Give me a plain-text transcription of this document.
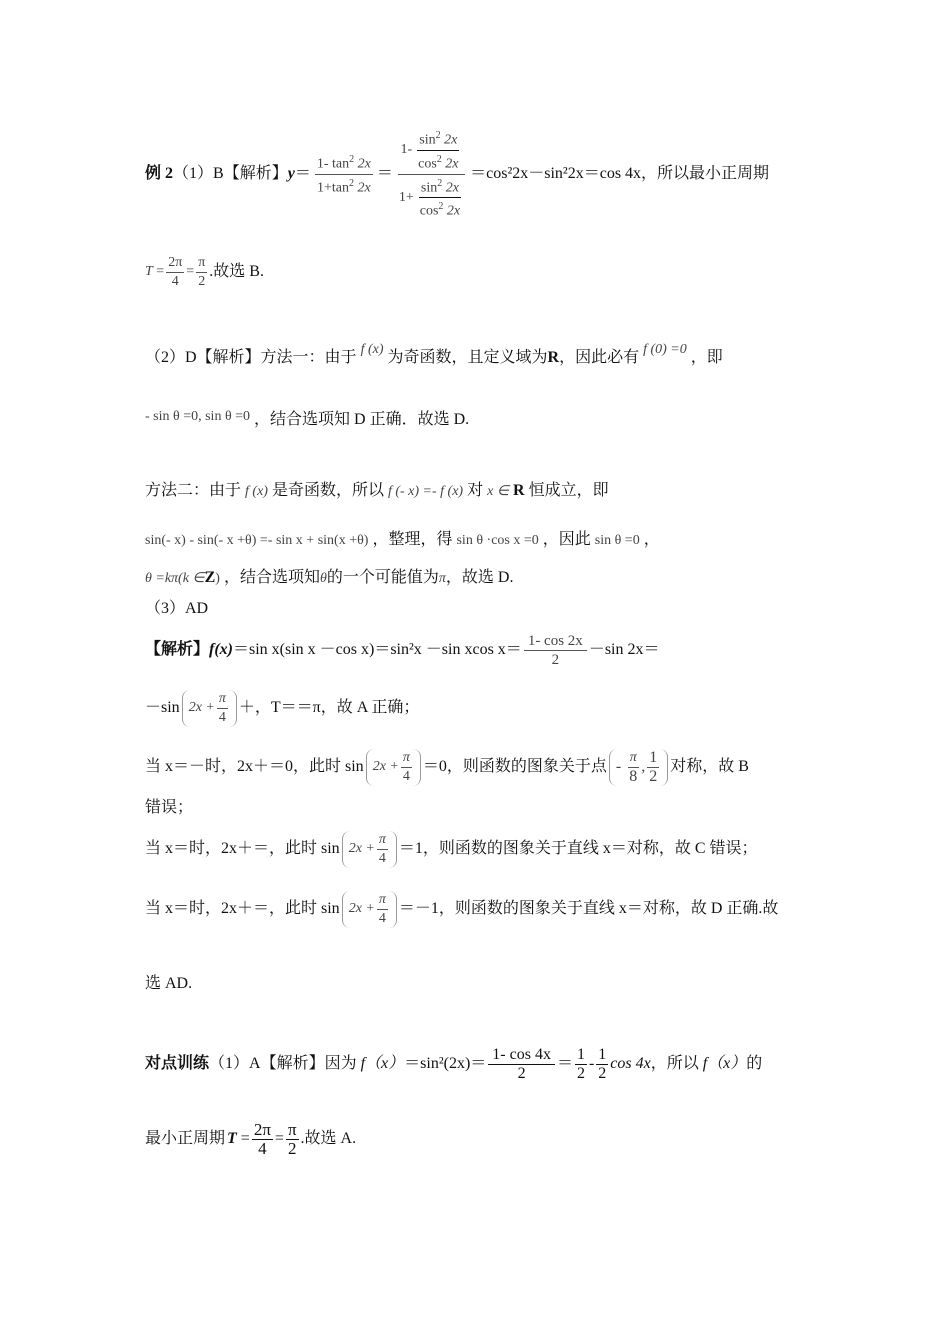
例 2 （1）B【解析】 $y = \frac{1- \tan^2 2x}{1+\tan^2 2x} = \frac{1- \frac{\sin^2 2x}{\cos^2 2x}}{1+ \frac{\sin^2 2x}{\cos^2 2x}} =\cos^22x-\sin^22x=\cos$ 4x，所以最小正周期
$T = \frac{2\pi}{4} = \frac{\pi}{2}$ .故选 B.
（2）D【解析】方法一：由于 f (x) 为奇函数，且定义域为 R ，因此必有 f (0) =0 ，即
- sin θ =0, sin θ =0 ，结合选项知 D 正确．故选 D.
方法二：由于 f (x) 是奇函数，所以 f (- x) =- f (x) 对 x ∈ R 恒成立，即
sin(- x) - sin(- x +θ) =- sin x + sin(x +θ) ，整理，得 sin θ ·cos x =0 ，因此 sin θ =0 ，
θ =kπ(k ∈Z) ，结合选项知θ的一个可能值为π，故选 D.
（3）AD
【解析】 f(x) ＝sin x(sin x －cos x)＝sin²x －sin xcos $x= \frac{1- \cos 2x}{2} -\sin$ 2x＝
－sin $2x + \frac{\pi}{4}$ ＋，T＝＝π，故 A 正确；
当 x＝－时，2x＋＝0，此时 $\sin 2x + \frac{\pi}{4} =0$，则函数的图象关于点 - $\frac{\pi}{8}$ , $\frac{1}{2}$ 对称，故 B
错误；
当 x＝时，2x＋＝，此时 $\sin 2x + \frac{\pi}{4} =1$，则函数的图象关于直线 x＝对称，故 C 错误；
当 x＝时，2x＋＝，此时 $\sin 2x + \frac{\pi}{4} =-1$，则函数的图象关于直线 x＝对称，故 D 正确.故
选 AD.
对点训练 （1）A【解析】因为 $f(x) =\sin^2(2x)= \frac{1- \cos 4x}{2} = \frac{1}{2} - \frac{1}{2}$ cos 4x ，所以 f（x） 的
最小正周期 $T = \frac{2\pi}{4} = \frac{\pi}{2}$ .故选 A.
